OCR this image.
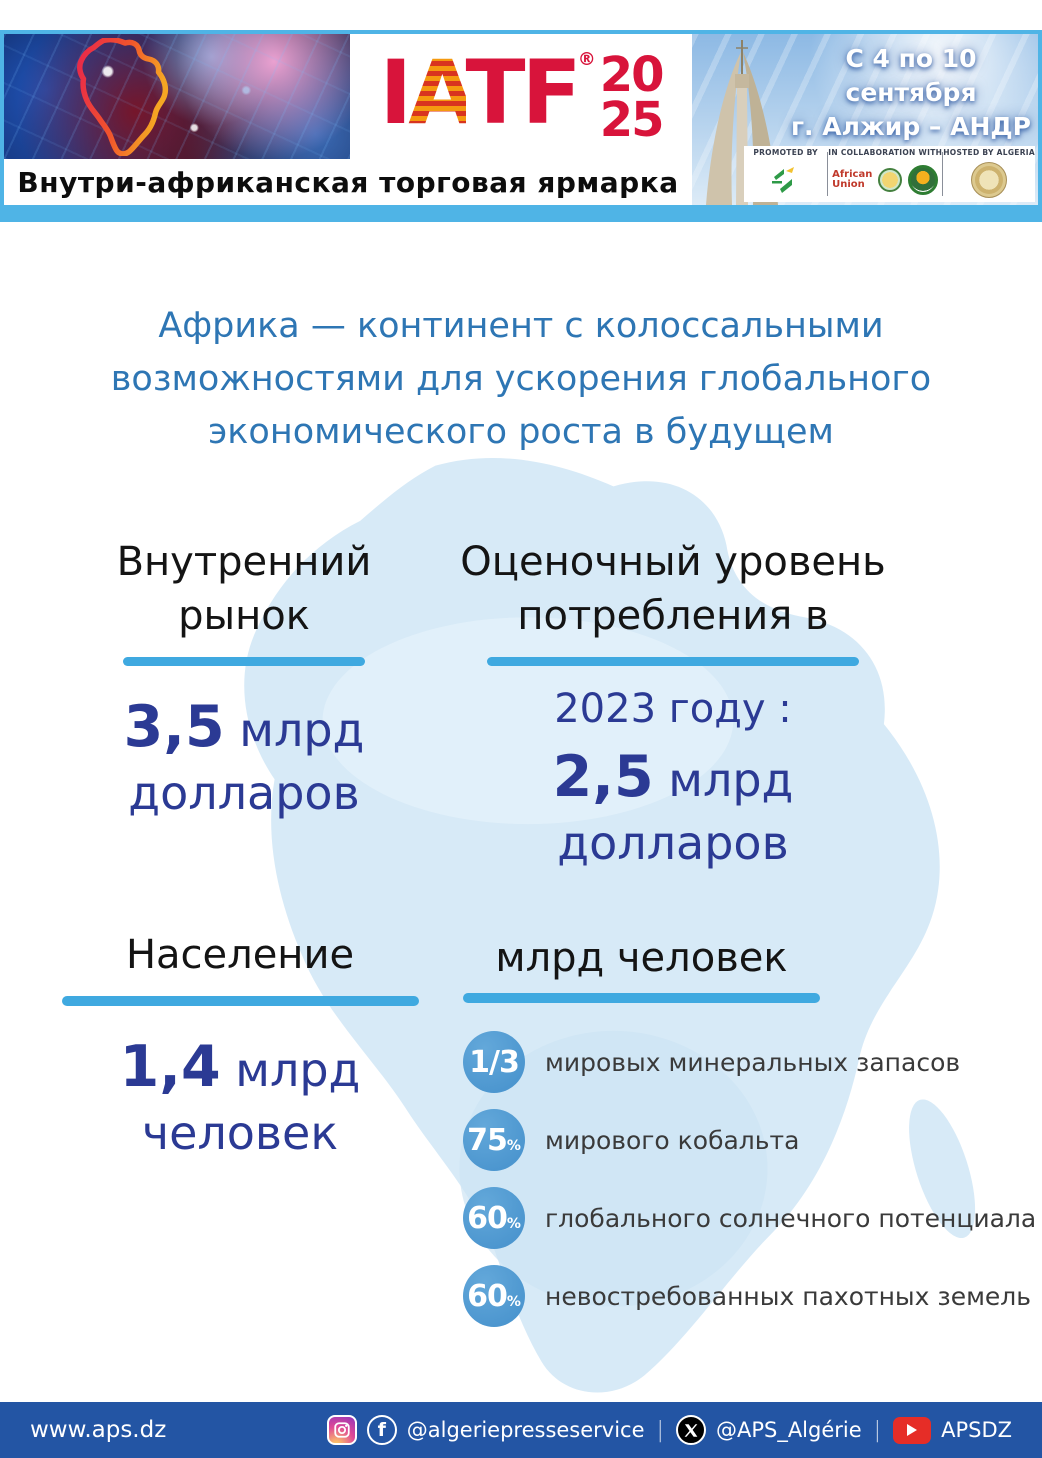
IATF ® 20
25
Внутри-африканская торговая ярмарка
С 4 по 10
сентября
г. Алжир – АНДР
PROMOTED BY IN COLLABORATION WITH
African
Union
HOSTED BY ALGERIA
Африка — континент с колоссальными возможностями для ускорения глобального экономического роста в будущем
Внутренний рынок
3,5 млрд долларов
Оценочный уровень потребления в
2023 году :
2,5 млрд долларов
Население
1,4 млрд человек
млрд человек
1/3 мировых минеральных запасов
75 % мирового кобальта
60 % глобального солнечного потенциала
60 % невостребованных пахотных земель
www.aps.dz	f @algeriepresseservice | @APS_Algérie |	APSDZ
